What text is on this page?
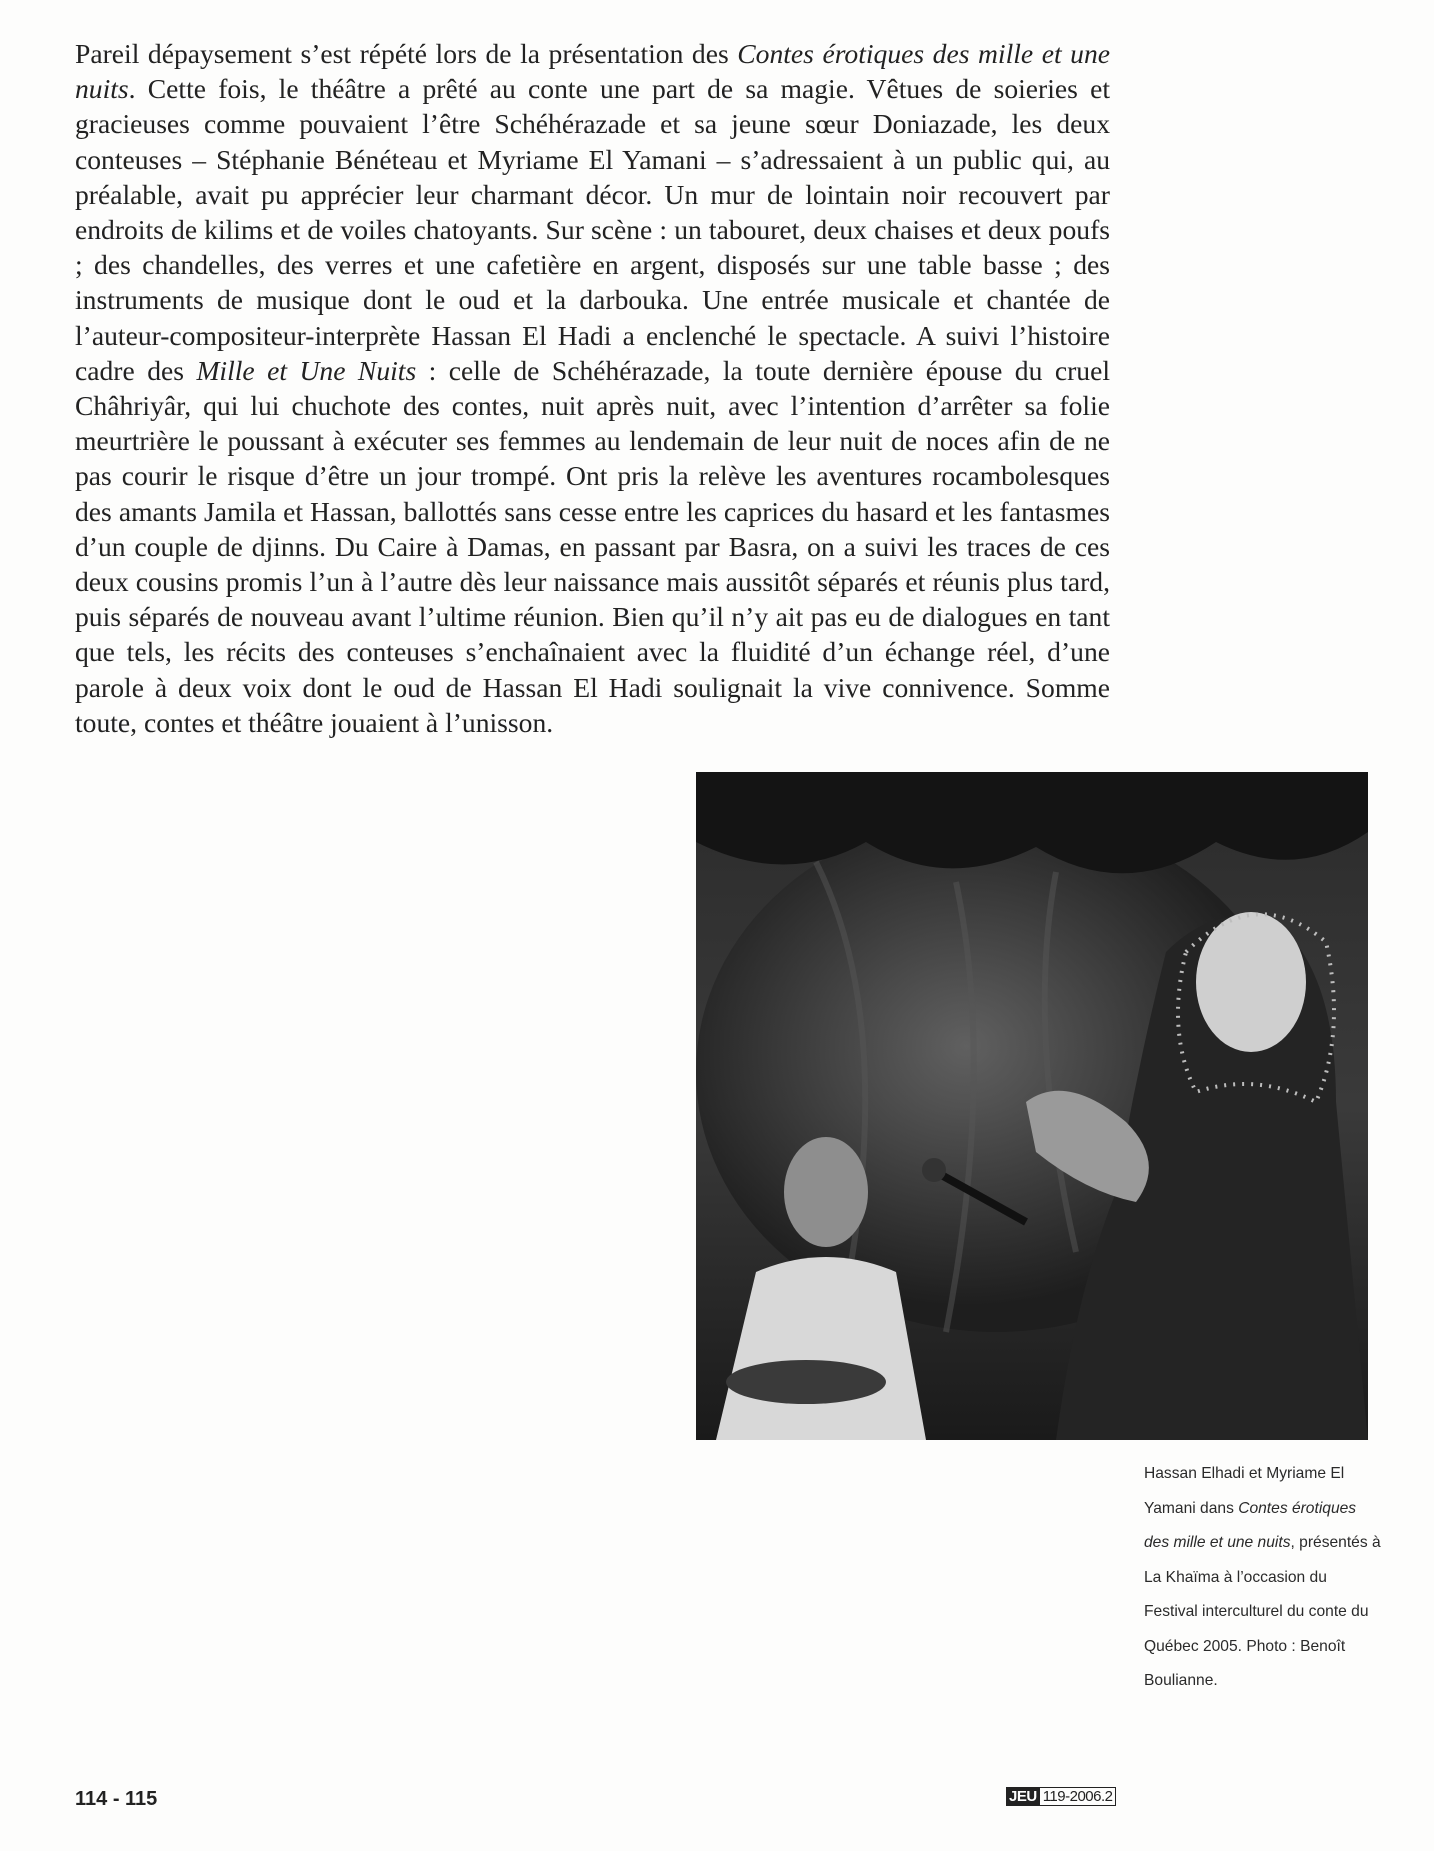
Pareil dépaysement s’est répété lors de la présentation des Contes érotiques des mille et une nuits. Cette fois, le théâtre a prêté au conte une part de sa magie. Vêtues de soieries et gracieuses comme pouvaient l’être Schéhérazade et sa jeune sœur Doniazade, les deux conteuses – Stéphanie Bénéteau et Myriame El Yamani – s’adressaient à un public qui, au préalable, avait pu apprécier leur charmant décor. Un mur de lointain noir recouvert par endroits de kilims et de voiles chatoyants. Sur scène : un tabouret, deux chaises et deux poufs ; des chandelles, des verres et une cafetière en argent, disposés sur une table basse ; des instruments de musique dont le oud et la darbouka. Une entrée musicale et chantée de l’auteur-compositeur-interprète Hassan El Hadi a enclenché le spectacle. A suivi l’histoire cadre des Mille et Une Nuits : celle de Schéhérazade, la toute dernière épouse du cruel Châhriyâr, qui lui chuchote des contes, nuit après nuit, avec l’intention d’arrêter sa folie meurtrière le poussant à exécuter ses femmes au lendemain de leur nuit de noces afin de ne pas courir le risque d’être un jour trompé. Ont pris la relève les aventures rocambolesques des amants Jamila et Hassan, ballottés sans cesse entre les caprices du hasard et les fantasmes d’un couple de djinns. Du Caire à Damas, en passant par Basra, on a suivi les traces de ces deux cousins promis l’un à l’autre dès leur naissance mais aussitôt séparés et réunis plus tard, puis séparés de nouveau avant l’ultime réunion. Bien qu’il n’y ait pas eu de dialogues en tant que tels, les récits des conteuses s’enchaînaient avec la fluidité d’un échange réel, d’une parole à deux voix dont le oud de Hassan El Hadi soulignait la vive connivence. Somme toute, contes et théâtre jouaient à l’unisson.

Hassan Elhadi et Myriame El Yamani dans Contes érotiques des mille et une nuits, présentés à La Khaïma à l’occasion du Festival interculturel du conte du Québec 2005. Photo : Benoît Boulianne.

114 - 115	JEU 119-2006.2
